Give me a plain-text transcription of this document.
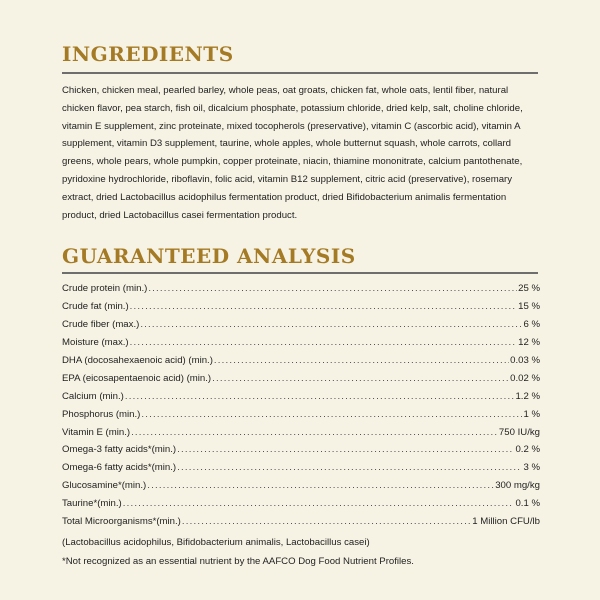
INGREDIENTS

Chicken, chicken meal, pearled barley, whole peas, oat groats, chicken fat, whole oats, lentil fiber, natural chicken flavor, pea starch, fish oil, dicalcium phosphate, potassium chloride, dried kelp, salt, choline chloride, vitamin E supplement, zinc proteinate, mixed tocopherols (preservative), vitamin C (ascorbic acid), vitamin A supplement, vitamin D3 supplement, taurine, whole apples, whole butternut squash, whole carrots, collard greens, whole pears, whole pumpkin, copper proteinate, niacin, thiamine mononitrate, calcium pantothenate, pyridoxine hydrochloride, riboflavin, folic acid, vitamin B12 supplement, citric acid (preservative), rosemary extract, dried Lactobacillus acidophilus fermentation product, dried Bifidobacterium animalis fermentation product, dried Lactobacillus casei fermentation product.

GUARANTEED ANALYSIS
Crude protein (min.) .....	25 %
Crude fat (min.) .....	15 %
Crude fiber (max.) .....	6 %
Moisture (max.) .....	12 %
DHA (docosahexaenoic acid) (min.) .....	0.03 %
EPA (eicosapentaenoic acid) (min.) .....	0.02 %
Calcium (min.) .....	1.2 %
Phosphorus (min.) .....	1 %
Vitamin E (min.) .....	750 IU/kg
Omega-3 fatty acids*(min.) .....	0.2 %
Omega-6 fatty acids*(min.) .....	3 %
Glucosamine*(min.) .....	300 mg/kg
Taurine*(min.) .....	0.1 %
Total Microorganisms*(min.) .....	1 Million CFU/lb
(Lactobacillus acidophilus, Bifidobacterium animalis, Lactobacillus casei)
*Not recognized as an essential nutrient by the AAFCO Dog Food Nutrient Profiles.
